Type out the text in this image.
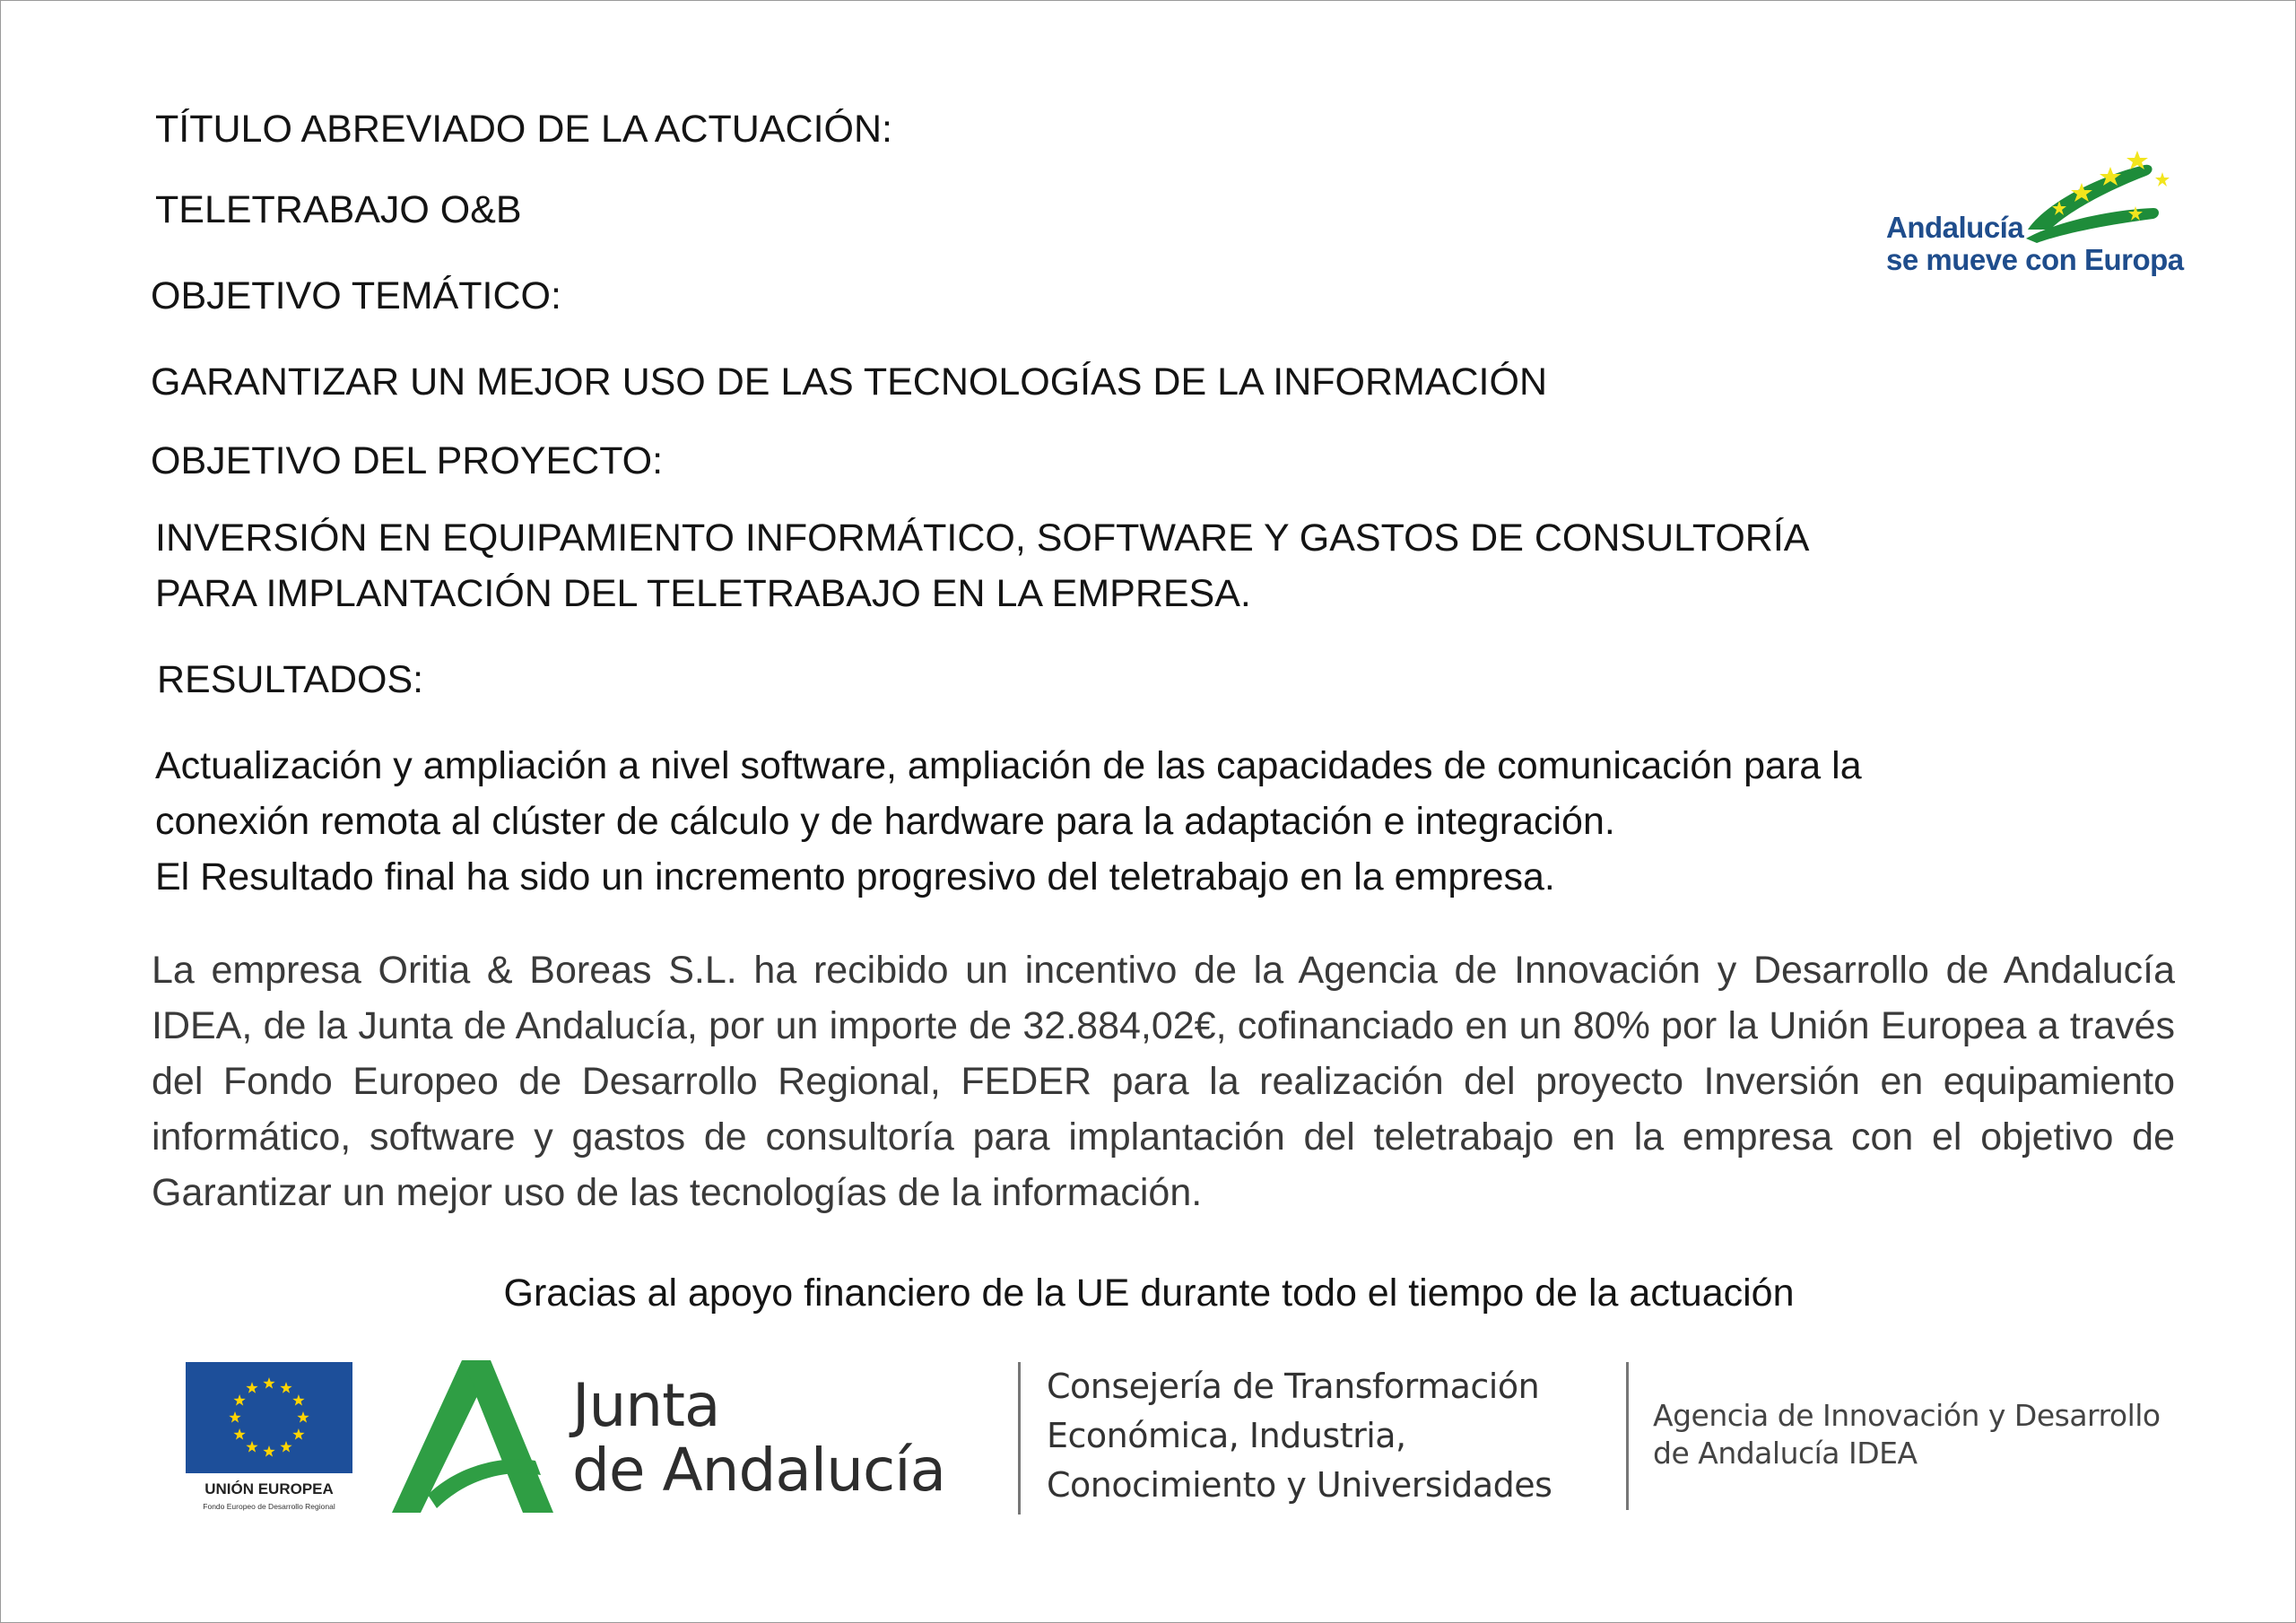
TÍTULO ABREVIADO DE LA ACTUACIÓN:
TELETRABAJO O&B
OBJETIVO TEMÁTICO:
GARANTIZAR UN MEJOR USO DE LAS TECNOLOGÍAS DE LA INFORMACIÓN
OBJETIVO DEL PROYECTO:
INVERSIÓN EN EQUIPAMIENTO INFORMÁTICO, SOFTWARE Y GASTOS DE CONSULTORÍA
PARA IMPLANTACIÓN DEL TELETRABAJO EN LA EMPRESA.
RESULTADOS:
Actualización y ampliación a nivel software, ampliación de las capacidades de comunicación para la
conexión remota al clúster de cálculo y de hardware para la adaptación e integración.
El Resultado final ha sido un incremento progresivo del teletrabajo en la empresa.
La empresa Oritia & Boreas S.L. ha recibido un incentivo de la Agencia de Innovación y Desarrollo de Andalucía IDEA, de la Junta de Andalucía, por un importe de 32.884,02€, cofinanciado en un 80% por la Unión Europea a través del Fondo Europeo de Desarrollo Regional, FEDER para la realización del proyecto Inversión en equipamiento informático, software y gastos de consultoría para implantación del teletrabajo en la empresa con el objetivo de Garantizar un mejor uso de las tecnologías de la información.
Gracias al apoyo financiero de la UE durante todo el tiempo de la actuación
Andalucía
se mueve con Europa
UNIÓN EUROPEA
Fondo Europeo de Desarrollo Regional
Junta
de Andalucía
Consejería de Transformación
Económica, Industria,
Conocimiento y Universidades
Agencia de Innovación y Desarrollo
de Andalucía IDEA
